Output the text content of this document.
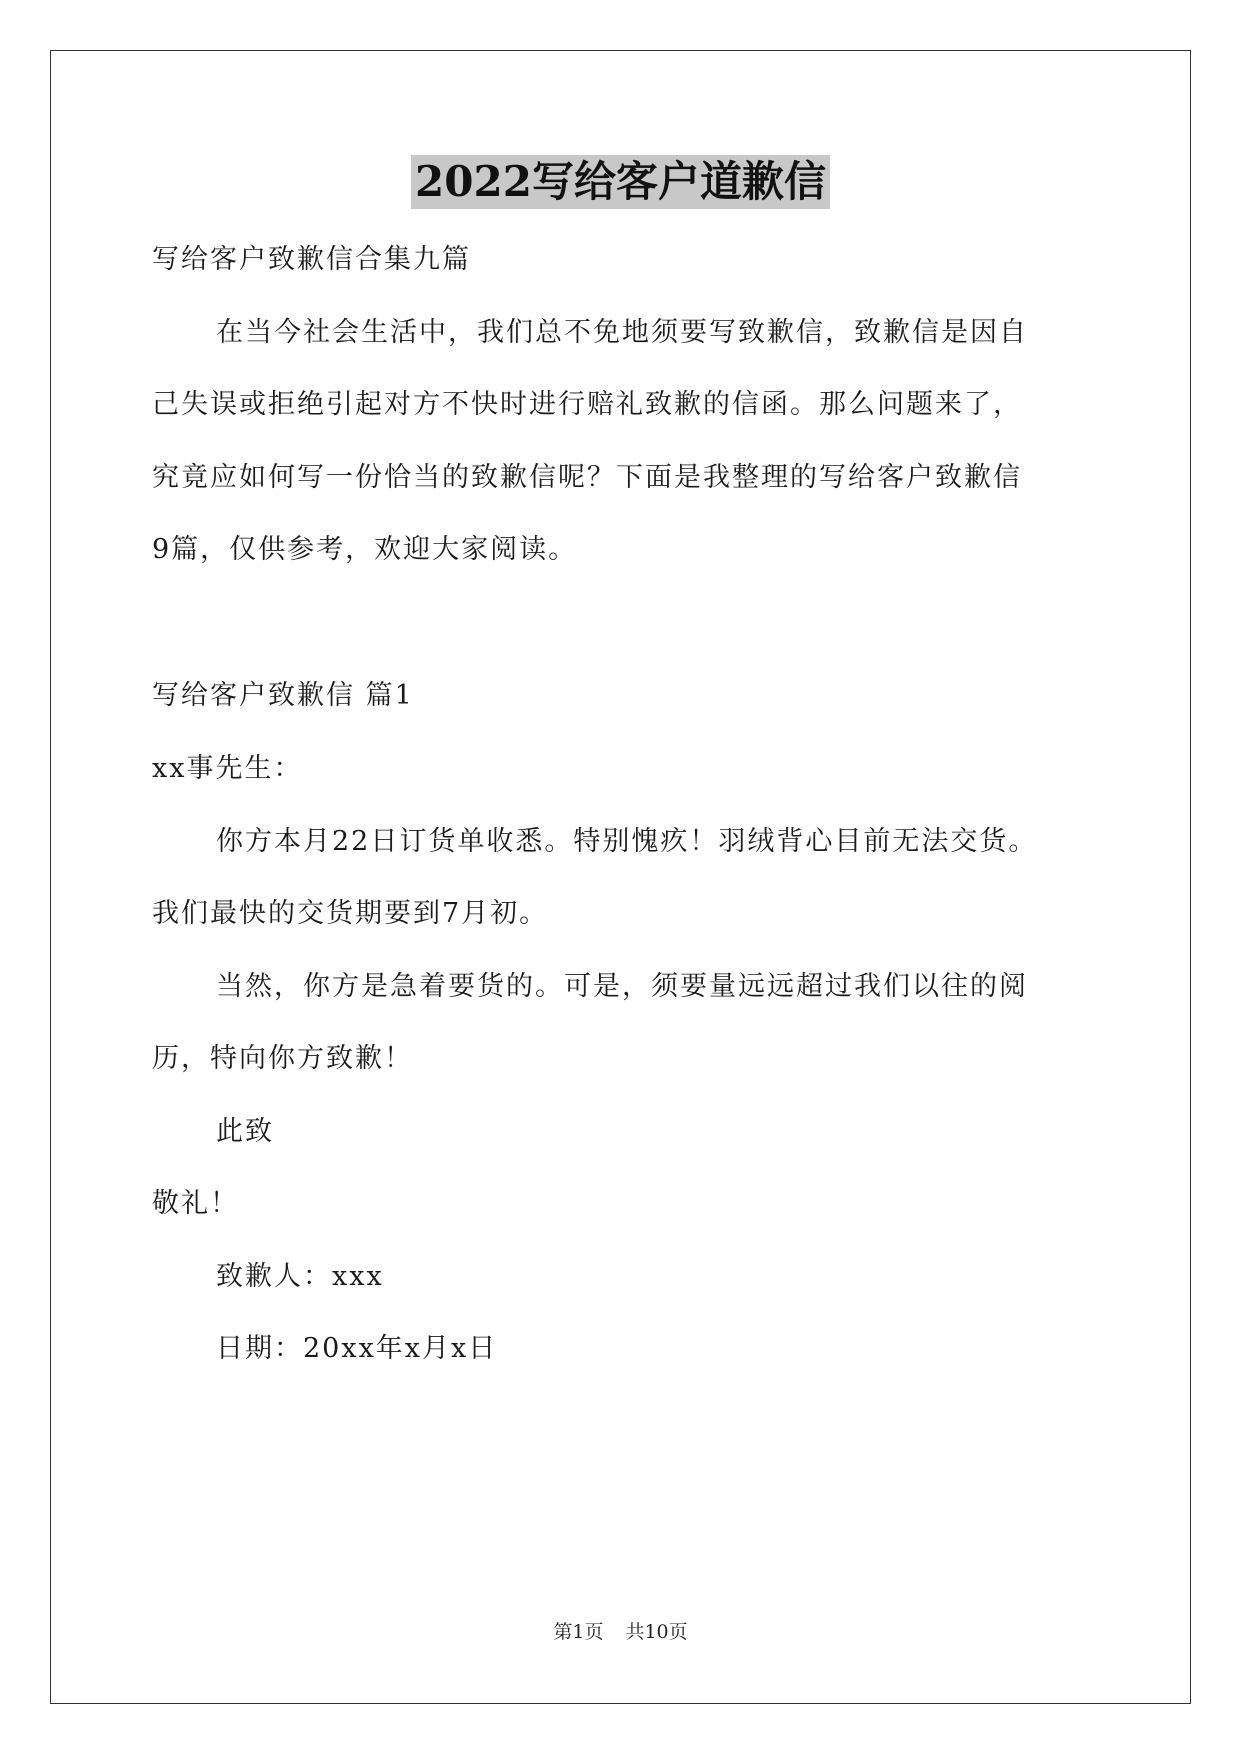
2022写给客户道歉信
写给客户致歉信合集九篇
在当今社会生活中，我们总不免地须要写致歉信，致歉信是因自
己失误或拒绝引起对方不快时进行赔礼致歉的信函。那么问题来了，
究竟应如何写一份恰当的致歉信呢？下面是我整理的写给客户致歉信
9篇，仅供参考，欢迎大家阅读。
写给客户致歉信 篇1
xx事先生：
你方本月22日订货单收悉。特别愧疚！羽绒背心目前无法交货。
我们最快的交货期要到7月初。
当然，你方是急着要货的。可是，须要量远远超过我们以往的阅
历，特向你方致歉！
此致
敬礼！
致歉人：xxx
日期：20xx年x月x日
第1页 共10页
